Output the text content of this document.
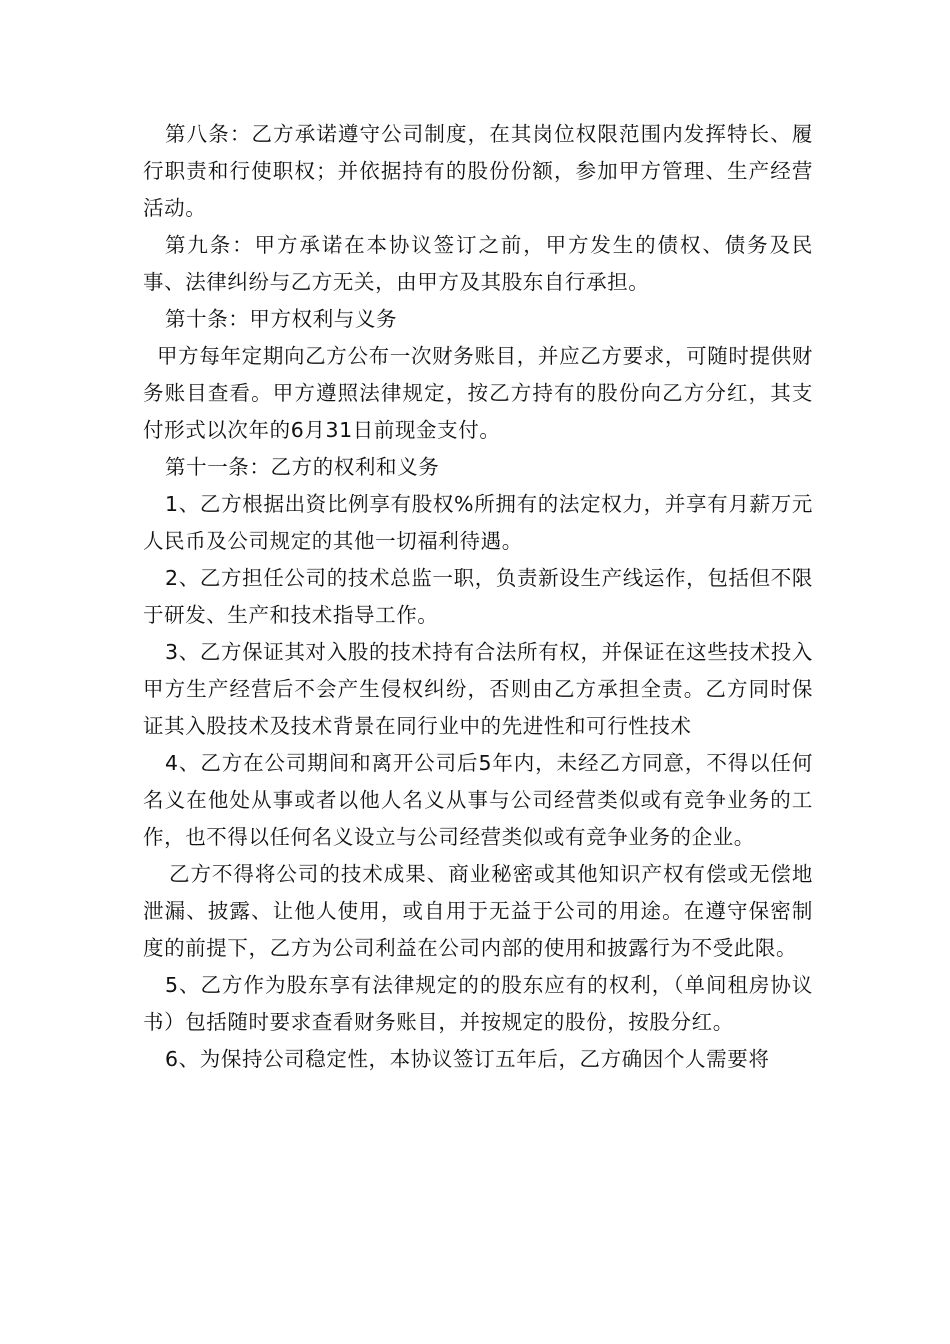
第八条：乙方承诺遵守公司制度，在其岗位权限范围内发挥特长、履行职责和行使职权；并依据持有的股份份额，参加甲方管理、生产经营活动。

第九条：甲方承诺在本协议签订之前，甲方发生的债权、债务及民事、法律纠纷与乙方无关，由甲方及其股东自行承担。

第十条：甲方权利与义务

甲方每年定期向乙方公布一次财务账目，并应乙方要求，可随时提供财务账目查看。甲方遵照法律规定，按乙方持有的股份向乙方分红，其支付形式以次年的6月31日前现金支付。

第十一条：乙方的权利和义务

1、乙方根据出资比例享有股权%所拥有的法定权力，并享有月薪万元人民币及公司规定的其他一切福利待遇。

2、乙方担任公司的技术总监一职，负责新设生产线运作，包括但不限于研发、生产和技术指导工作。

3、乙方保证其对入股的技术持有合法所有权，并保证在这些技术投入甲方生产经营后不会产生侵权纠纷，否则由乙方承担全责。乙方同时保证其入股技术及技术背景在同行业中的先进性和可行性技术

4、乙方在公司期间和离开公司后5年内，未经乙方同意，不得以任何名义在他处从事或者以他人名义从事与公司经营类似或有竞争业务的工作，也不得以任何名义设立与公司经营类似或有竞争业务的企业。

乙方不得将公司的技术成果、商业秘密或其他知识产权有偿或无偿地泄漏、披露、让他人使用，或自用于无益于公司的用途。在遵守保密制度的前提下，乙方为公司利益在公司内部的使用和披露行为不受此限。

5、乙方作为股东享有法律规定的的股东应有的权利，（单间租房协议书）包括随时要求查看财务账目，并按规定的股份，按股分红。

6、为保持公司稳定性，本协议签订五年后，乙方确因个人需要将
